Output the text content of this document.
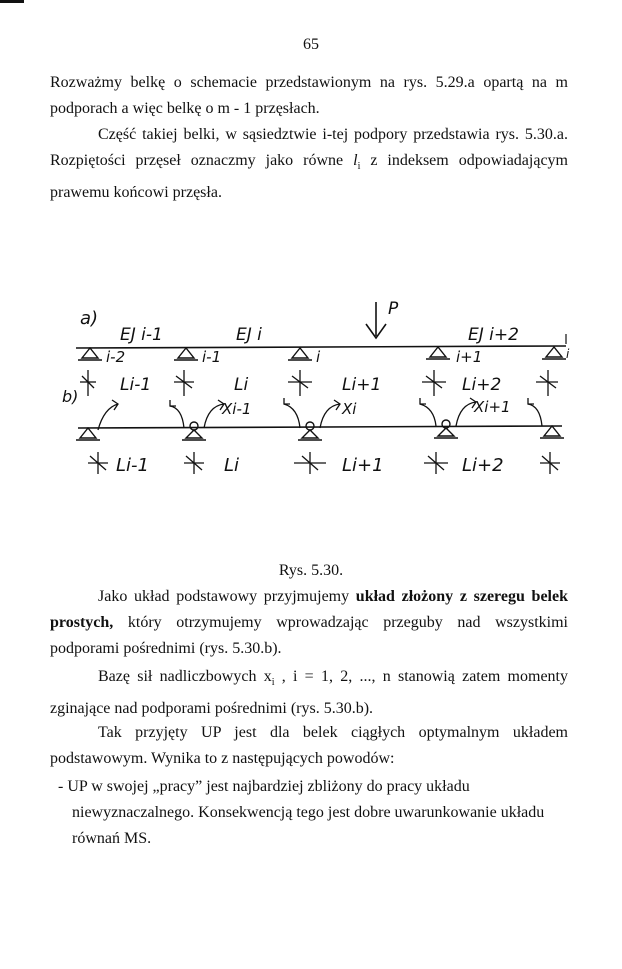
65

Rozważmy belkę o schemacie przedstawionym na rys. 5.29.a opartą na m podporach a więc belkę o m - 1 przęsłach.

Część takiej belki, w sąsiedztwie i-tej podpory przedstawia rys. 5.30.a. Rozpiętości przęseł oznaczmy jako równe $l_i$ z indeksem odpowiadającym prawemu końcowi przęsła.

a)
EJ i-1	EJ i	EJ i+2
P
i-2	i-1	i	i+1	i
Li-1	Li	Li+1	Li+2
b)
Xi-1	Xi	Xi+1
Li-1	Li	Li+1	Li+2
Rys. 5.30.

Jako układ podstawowy przyjmujemy układ złożony z szeregu belek prostych, który otrzymujemy wprowadzając przeguby nad wszystkimi podporami pośrednimi (rys. 5.30.b).

Bazę sił nadliczbowych $x_i$ , i = 1, 2, ..., n stanowią zatem momenty zginające nad podporami pośrednimi (rys. 5.30.b).

Tak przyjęty UP jest dla belek ciągłych optymalnym układem podstawowym. Wynika to z następujących powodów:

- UP w swojej „pracy” jest najbardziej zbliżony do pracy układu
niewyznaczalnego. Konsekwencją tego jest dobre uwarunkowanie układu równań MS.
